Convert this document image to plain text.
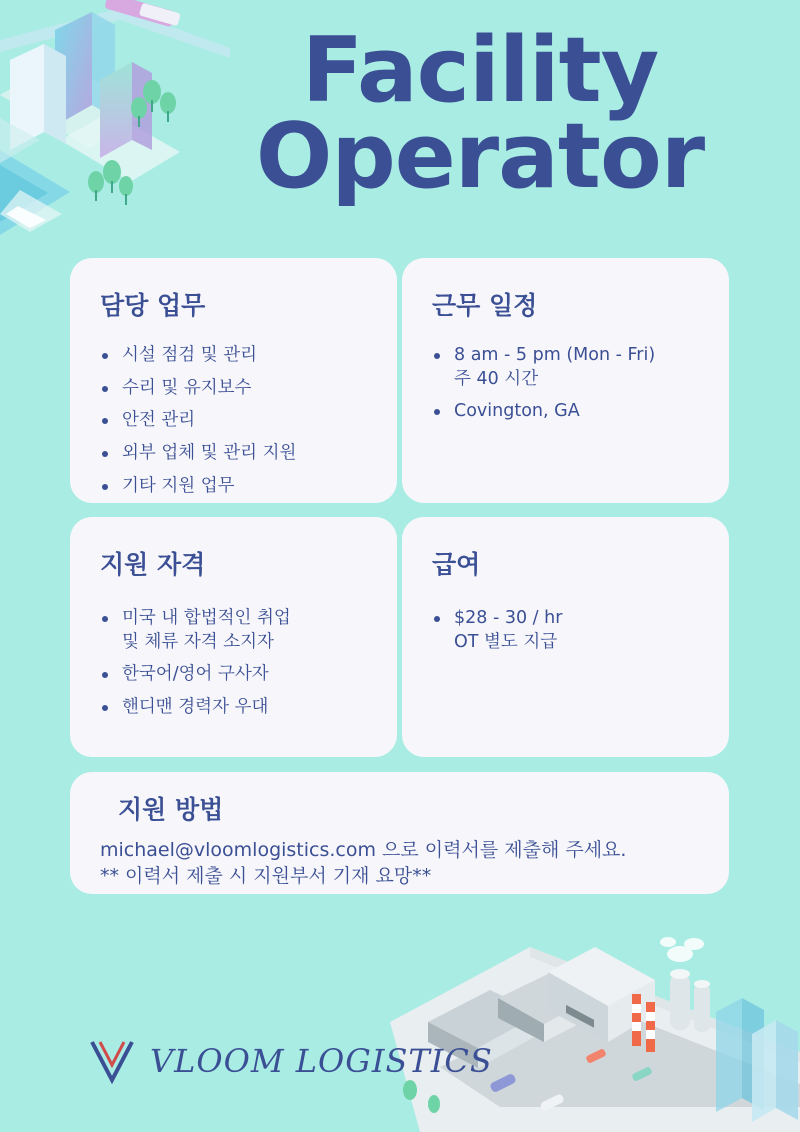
Facility
Operator
담당 업무
시설 점검 및 관리
수리 및 유지보수
안전 관리
외부 업체 및 관리 지원
기타 지원 업무
근무 일정
8 am - 5 pm (Mon - Fri)
주 40 시간
Covington, GA
지원 자격
미국 내 합법적인 취업
및 체류 자격 소지자
한국어/영어 구사자
핸디맨 경력자 우대
급여
$28 - 30 / hr
OT 별도 지급
지원 방법
michael@vloomlogistics.com 으로 이력서를 제출해 주세요.
** 이력서 제출 시 지원부서 기재 요망**
VLOOM LOGISTICS
